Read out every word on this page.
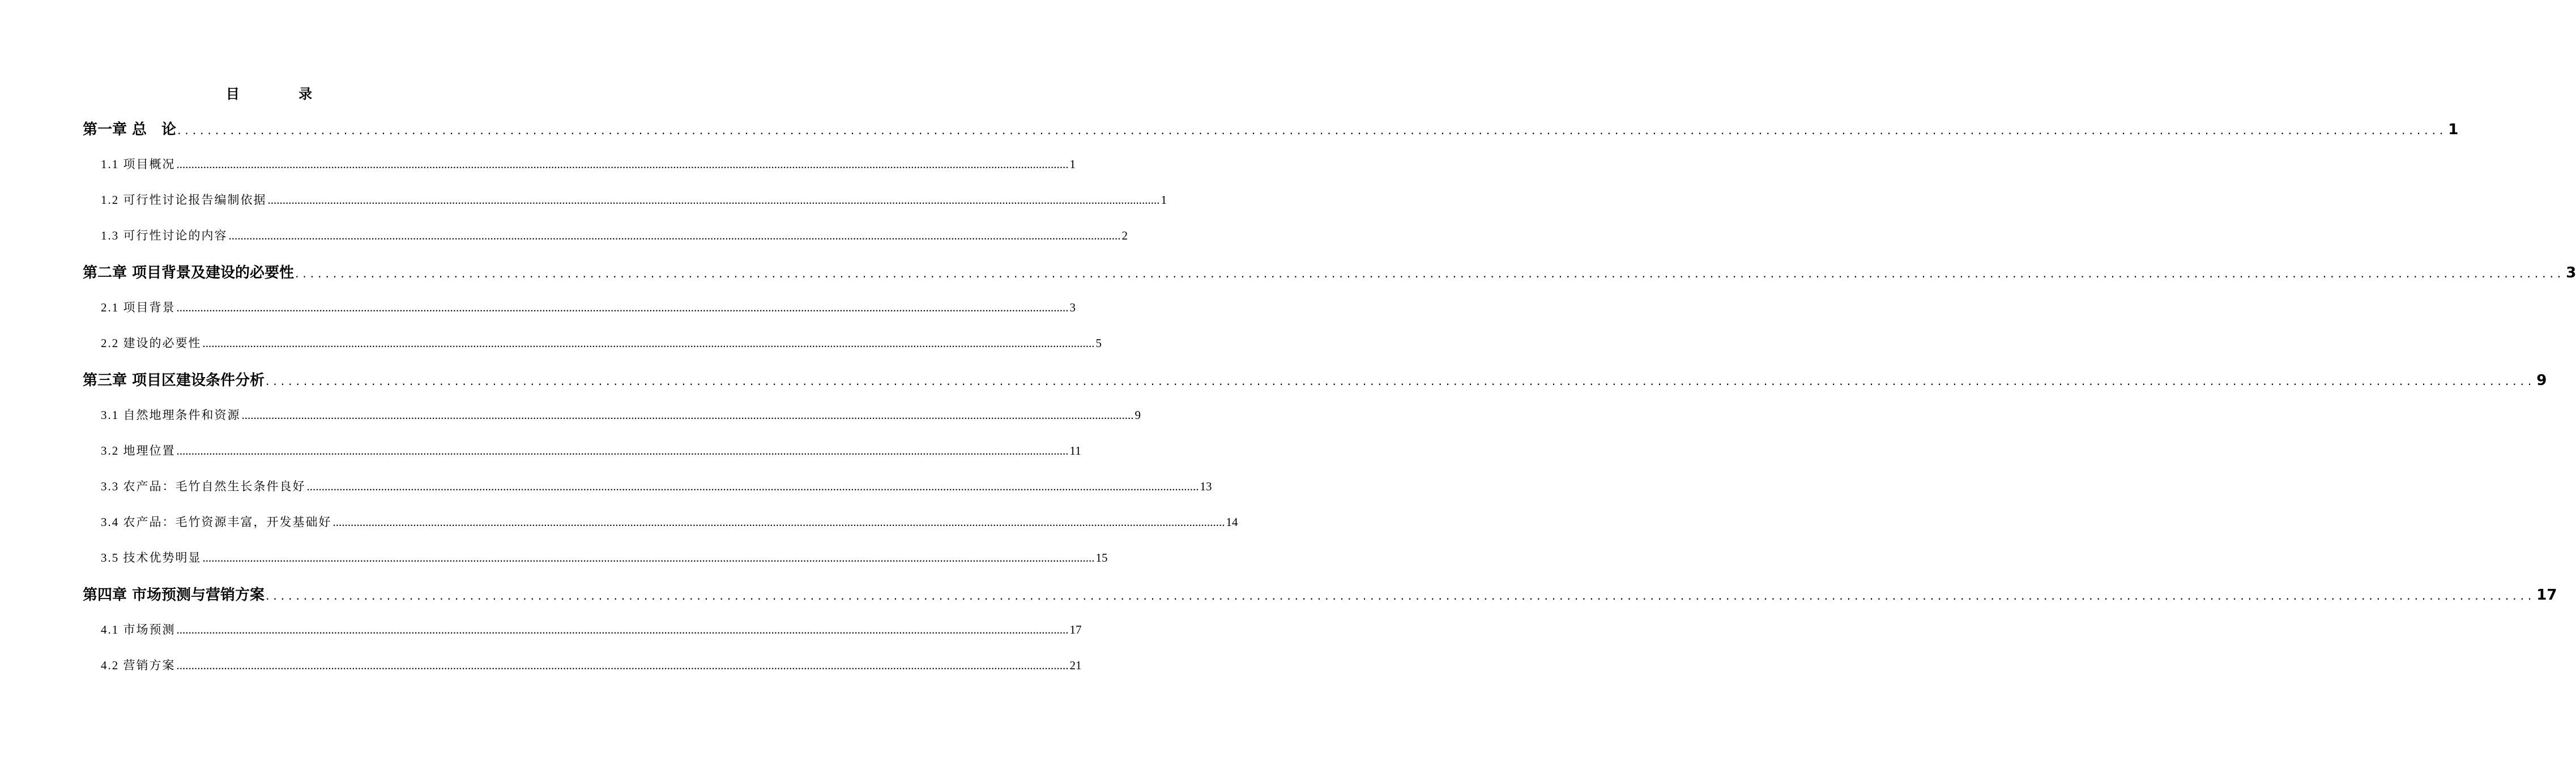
目 录
第一章 总　论 ............................................................................................................................................................................................................................................................................................................ 1
1.1 项目概况 ............................................................................................................................................................................................................................................................................................................ 1
1.2 可行性讨论报告编制依据 ............................................................................................................................................................................................................................................................................................................ 1
1.3 可行性讨论的内容 ............................................................................................................................................................................................................................................................................................................ 2
第二章 项目背景及建设的必要性 ............................................................................................................................................................................................................................................................................................................ 3
2.1 项目背景 ............................................................................................................................................................................................................................................................................................................ 3
2.2 建设的必要性 ............................................................................................................................................................................................................................................................................................................ 5
第三章 项目区建设条件分析 ............................................................................................................................................................................................................................................................................................................ 9
3.1 自然地理条件和资源 ............................................................................................................................................................................................................................................................................................................ 9
3.2 地理位置 ............................................................................................................................................................................................................................................................................................................ 11
3.3 农产品：毛竹自然生长条件良好 ............................................................................................................................................................................................................................................................................................................ 13
3.4 农产品：毛竹资源丰富，开发基础好 ............................................................................................................................................................................................................................................................................................................ 14
3.5 技术优势明显 ............................................................................................................................................................................................................................................................................................................ 15
第四章 市场预测与营销方案 ............................................................................................................................................................................................................................................................................................................ 17
4.1 市场预测 ............................................................................................................................................................................................................................................................................................................ 17
4.2 营销方案 ............................................................................................................................................................................................................................................................................................................ 21
